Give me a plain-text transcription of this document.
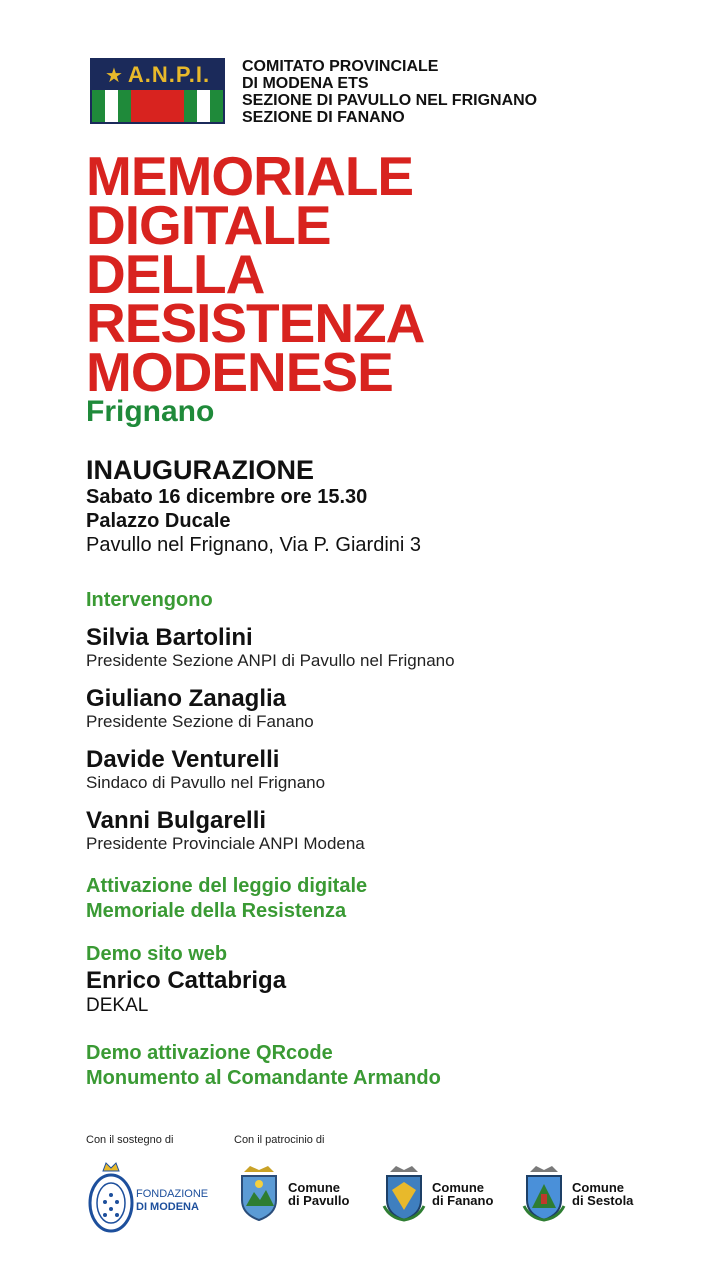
★ A.N.P.I. COMITATO PROVINCIALE
DI MODENA ETS
SEZIONE DI PAVULLO NEL FRIGNANO
SEZIONE DI FANANO
MEMORIALE
DIGITALE
DELLA
RESISTENZA
MODENESE
Frignano
INAUGURAZIONE
Sabato 16 dicembre ore 15.30
Palazzo Ducale
Pavullo nel Frignano, Via P. Giardini 3
Intervengono
Silvia Bartolini
Presidente Sezione ANPI di Pavullo nel Frignano
Giuliano Zanaglia
Presidente Sezione di Fanano
Davide Venturelli
Sindaco di Pavullo nel Frignano
Vanni Bulgarelli
Presidente Provinciale ANPI Modena
Attivazione del leggio digitale
Memoriale della Resistenza
Demo sito web
Enrico Cattabriga
DEKAL
Demo attivazione QRcode
Monumento al Comandante Armando
Con il sostegno di	Con il patrocinio di
FONDAZIONE
DI MODENA
Comune
di Pavullo
Comune
di Fanano
Comune
di Sestola
